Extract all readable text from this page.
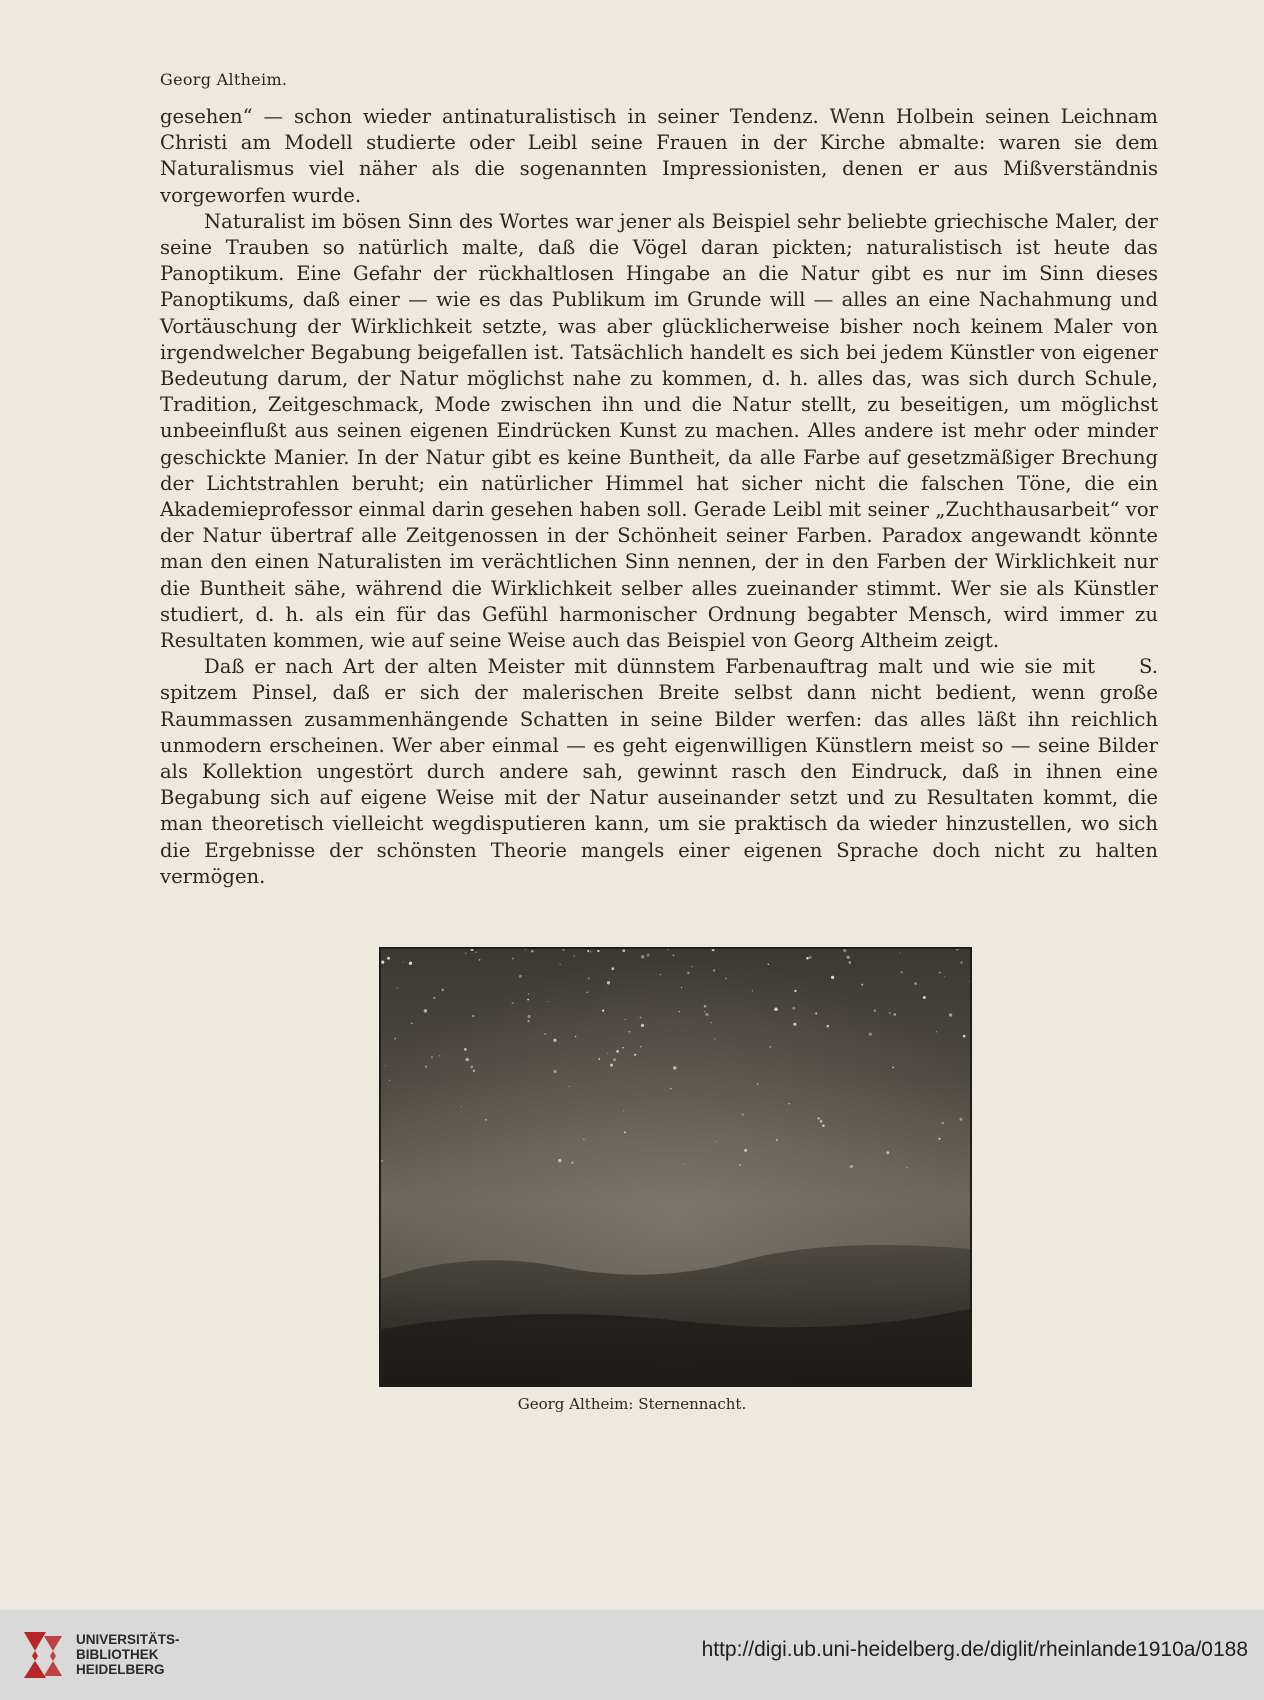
Georg Altheim.

gesehen“ — schon wieder antinaturalistisch in seiner Tendenz. Wenn Holbein seinen Leichnam Christi am Modell studierte oder Leibl seine Frauen in der Kirche abmalte: waren sie dem Naturalismus viel näher als die sogenannten Impressionisten, denen er aus Mißverständnis vorgeworfen wurde.

Naturalist im bösen Sinn des Wortes war jener als Beispiel sehr beliebte griechische Maler, der seine Trauben so natürlich malte, daß die Vögel daran pickten; naturalistisch ist heute das Panoptikum. Eine Gefahr der rückhaltlosen Hingabe an die Natur gibt es nur im Sinn dieses Panoptikums, daß einer — wie es das Publikum im Grunde will — alles an eine Nachahmung und Vortäuschung der Wirklichkeit setzte, was aber glücklicherweise bisher noch keinem Maler von irgendwelcher Begabung beigefallen ist. Tatsächlich handelt es sich bei jedem Künstler von eigener Bedeutung darum, der Natur möglichst nahe zu kommen, d. h. alles das, was sich durch Schule, Tradition, Zeitgeschmack, Mode zwischen ihn und die Natur stellt, zu beseitigen, um möglichst unbeeinflußt aus seinen eigenen Eindrücken Kunst zu machen. Alles andere ist mehr oder minder geschickte Manier. In der Natur gibt es keine Buntheit, da alle Farbe auf gesetzmäßiger Brechung der Lichtstrahlen beruht; ein natürlicher Himmel hat sicher nicht die falschen Töne, die ein Akademieprofessor einmal darin gesehen haben soll. Gerade Leibl mit seiner „Zuchthausarbeit“ vor der Natur übertraf alle Zeitgenossen in der Schönheit seiner Farben. Paradox angewandt könnte man den einen Naturalisten im verächtlichen Sinn nennen, der in den Farben der Wirklichkeit nur die Buntheit sähe, während die Wirklichkeit selber alles zueinander stimmt. Wer sie als Künstler studiert, d. h. als ein für das Gefühl harmonischer Ordnung begabter Mensch, wird immer zu Resultaten kommen, wie auf seine Weise auch das Beispiel von Georg Altheim zeigt.

S.
Daß er nach Art der alten Meister mit dünnstem Farbenauftrag malt und wie sie mit spitzem Pinsel, daß er sich der malerischen Breite selbst dann nicht bedient, wenn große Raummassen zusammenhängende Schatten in seine Bilder werfen: das alles läßt ihn reichlich unmodern erscheinen. Wer aber einmal — es geht eigenwilligen Künstlern meist so — seine Bilder als Kollektion ungestört durch andere sah, gewinnt rasch den Eindruck, daß in ihnen eine Begabung sich auf eigene Weise mit der Natur auseinander setzt und zu Resultaten kommt, die man theoretisch vielleicht wegdisputieren kann, um sie praktisch da wieder hinzustellen, wo sich die Ergebnisse der schönsten Theorie mangels einer eigenen Sprache doch nicht zu halten vermögen.

Georg Altheim: Sternennacht.
UNIVERSITÄTS-
BIBLIOTHEK
HEIDELBERG
http://digi.ub.uni-heidelberg.de/diglit/rheinlande1910a/0188
